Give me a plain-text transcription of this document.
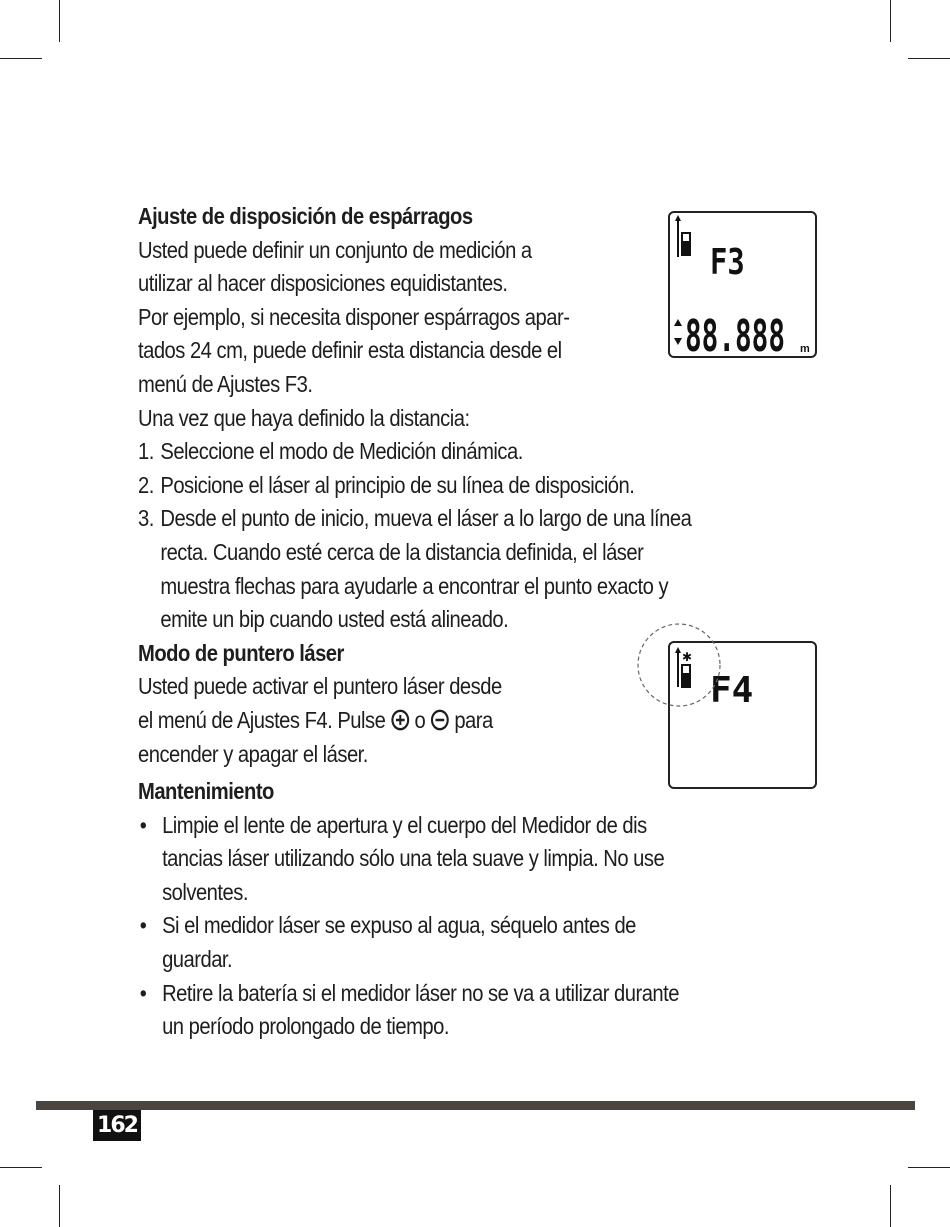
Ajuste de disposición de espárragos

Usted puede definir un conjunto de medición a

utilizar al hacer disposiciones equidistantes.

Por ejemplo, si necesita disponer espárragos apar-

tados 24 cm, puede definir esta distancia desde el

menú de Ajustes F3.

Una vez que haya definido la distancia:

1. Seleccione el modo de Medición dinámica.
2. Posicione el láser al principio de su línea de disposición.
3. Desde el punto de inicio, mueva el láser a lo largo de una línea
recta. Cuando esté cerca de la distancia definida, el láser
muestra flechas para ayudarle a encontrar el punto exacto y
emite un bip cuando usted está alineado.

Modo de puntero láser

Usted puede activar el puntero láser desde

el menú de Ajustes F4. Pulse o para

encender y apagar el láser.

Mantenimiento

• Limpie el lente de apertura y el cuerpo del Medidor de dis
tancias láser utilizando sólo una tela suave y limpia. No use
solventes.
• Si el medidor láser se expuso al agua, séquelo antes de
guardar.
• Retire la batería si el medidor láser no se va a utilizar durante
un período prolongado de tiempo.
F3
88.888 m
✱
F4
162
